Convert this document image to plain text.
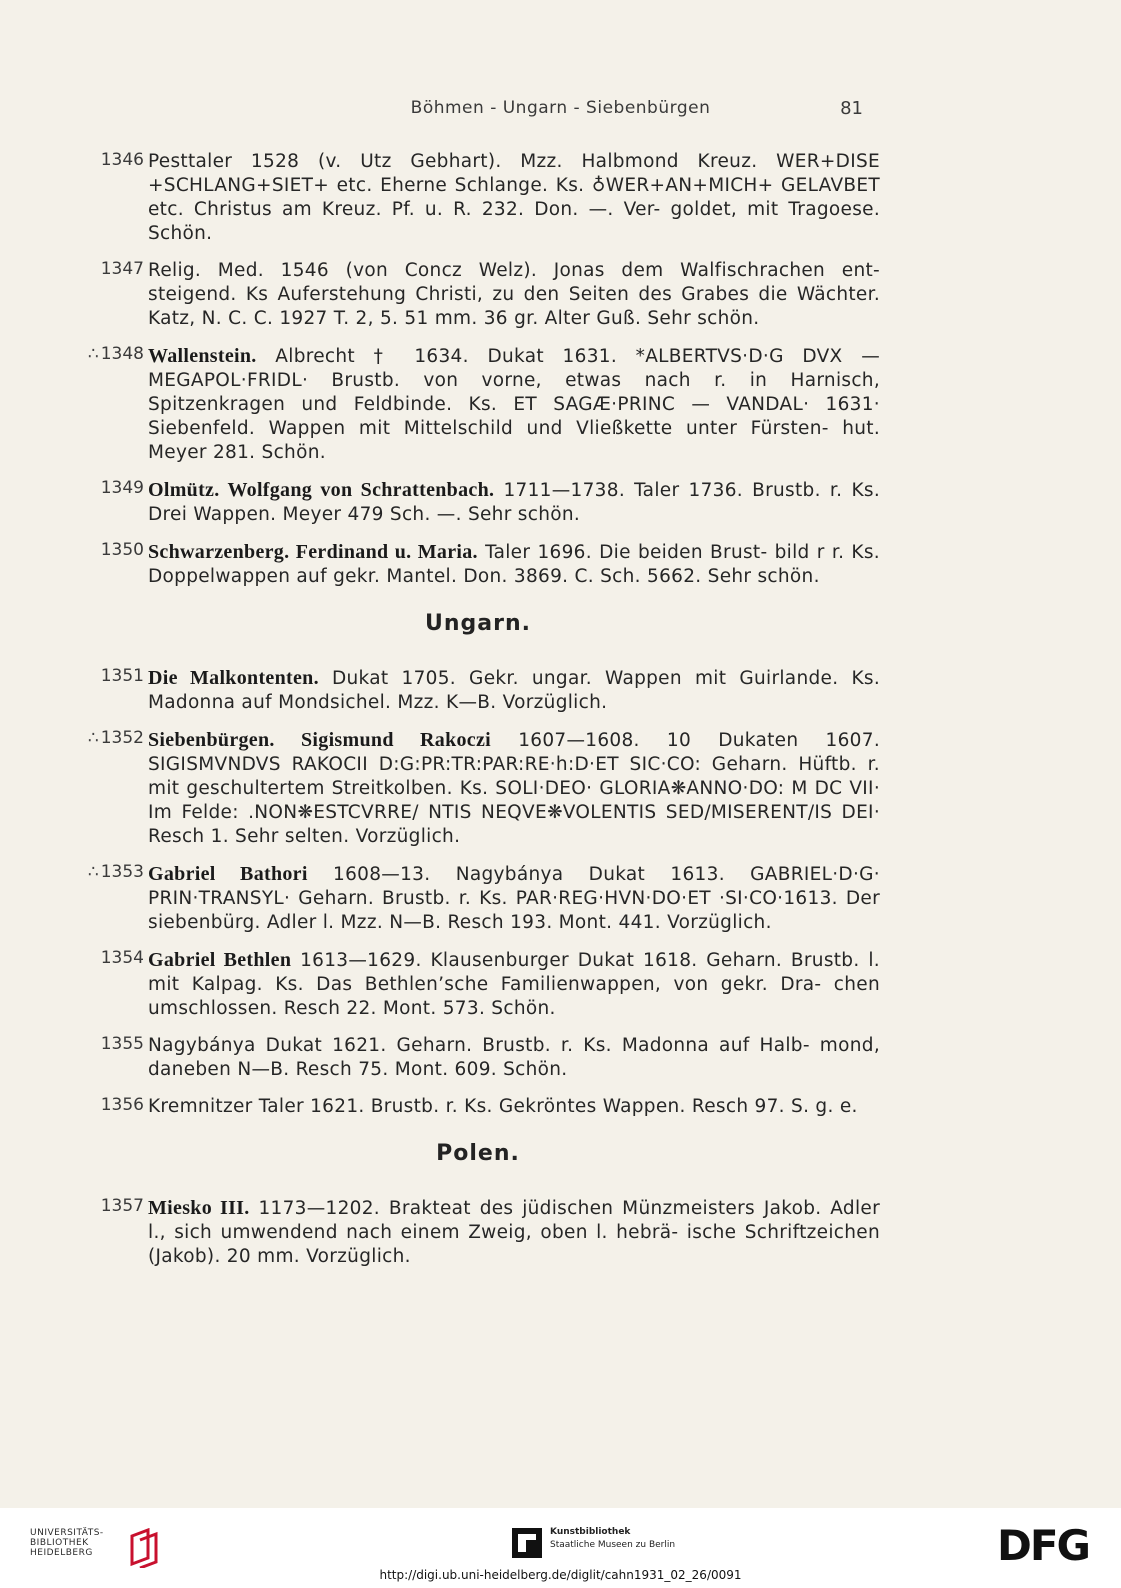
Böhmen - Ungarn - Siebenbürgen	81
1346 Pesttaler 1528 (v. Utz Gebhart). Mzz. Halbmond Kreuz. WER+DISE +SCHLANG+SIET+ etc. Eherne Schlange. Ks. ♁WER+AN+MICH+ GELAVBET etc. Christus am Kreuz. Pf. u. R. 232. Don. —. Ver- goldet, mit Tragoese. Schön.
1347 Relig. Med. 1546 (von Concz Welz). Jonas dem Walfischrachen ent- steigend. Ks Auferstehung Christi, zu den Seiten des Grabes die Wächter. Katz, N. C. C. 1927 T. 2, 5. 51 mm. 36 gr. Alter Guß. Sehr schön.
∴ 1348 Wallenstein. Albrecht † 1634. Dukat 1631. *ALBERTVS·D·G DVX —MEGAPOL·FRIDL· Brustb. von vorne, etwas nach r. in Harnisch, Spitzenkragen und Feldbinde. Ks. ET SAGÆ·PRINC — VANDAL· 1631· Siebenfeld. Wappen mit Mittelschild und Vließkette unter Fürsten- hut. Meyer 281. Schön.
1349 Olmütz. Wolfgang von Schrattenbach. 1711—1738. Taler 1736. Brustb. r. Ks. Drei Wappen. Meyer 479 Sch. —. Sehr schön.
1350 Schwarzenberg. Ferdinand u. Maria. Taler 1696. Die beiden Brust- bild r r. Ks. Doppelwappen auf gekr. Mantel. Don. 3869. C. Sch. 5662. Sehr schön.
Ungarn.
1351 Die Malkontenten. Dukat 1705. Gekr. ungar. Wappen mit Guirlande. Ks. Madonna auf Mondsichel. Mzz. K—B. Vorzüglich.
∴ 1352 Siebenbürgen. Sigismund Rakoczi 1607—1608. 10 Dukaten 1607. SIGISMVNDVS RAKOCII D:G:PR:TR:PAR:RE·h:D·ET SIC·CO: Geharn. Hüftb. r. mit geschultertem Streitkolben. Ks. SOLI·DEO· GLORIA❋ANNO·DO: M DC VII· Im Felde: .NON❋ESTCVRRE/ NTIS NEQVE❋VOLENTIS SED/MISERENT/IS DEI· Resch 1. Sehr selten. Vorzüglich.
∴ 1353 Gabriel Bathori 1608—13. Nagybánya Dukat 1613. GABRIEL·D·G· PRIN·TRANSYL· Geharn. Brustb. r. Ks. PAR·REG·HVN·DO·ET ·SI·CO·1613. Der siebenbürg. Adler l. Mzz. N—B. Resch 193. Mont. 441. Vorzüglich.
1354 Gabriel Bethlen 1613—1629. Klausenburger Dukat 1618. Geharn. Brustb. l. mit Kalpag. Ks. Das Bethlen’sche Familienwappen, von gekr. Dra- chen umschlossen. Resch 22. Mont. 573. Schön.
1355 Nagybánya Dukat 1621. Geharn. Brustb. r. Ks. Madonna auf Halb- mond, daneben N—B. Resch 75. Mont. 609. Schön.
1356 Kremnitzer Taler 1621. Brustb. r. Ks. Gekröntes Wappen. Resch 97. S. g. e.
Polen.
1357 Miesko III. 1173—1202. Brakteat des jüdischen Münzmeisters Jakob. Adler l., sich umwendend nach einem Zweig, oben l. hebrä- ische Schriftzeichen (Jakob). 20 mm. Vorzüglich.
UNIVERSITÄTS-
BIBLIOTHEK
HEIDELBERG
Kunstbibliothek
Staatliche Museen zu Berlin	DFG
http://digi.ub.uni-heidelberg.de/diglit/cahn1931_02_26/0091
